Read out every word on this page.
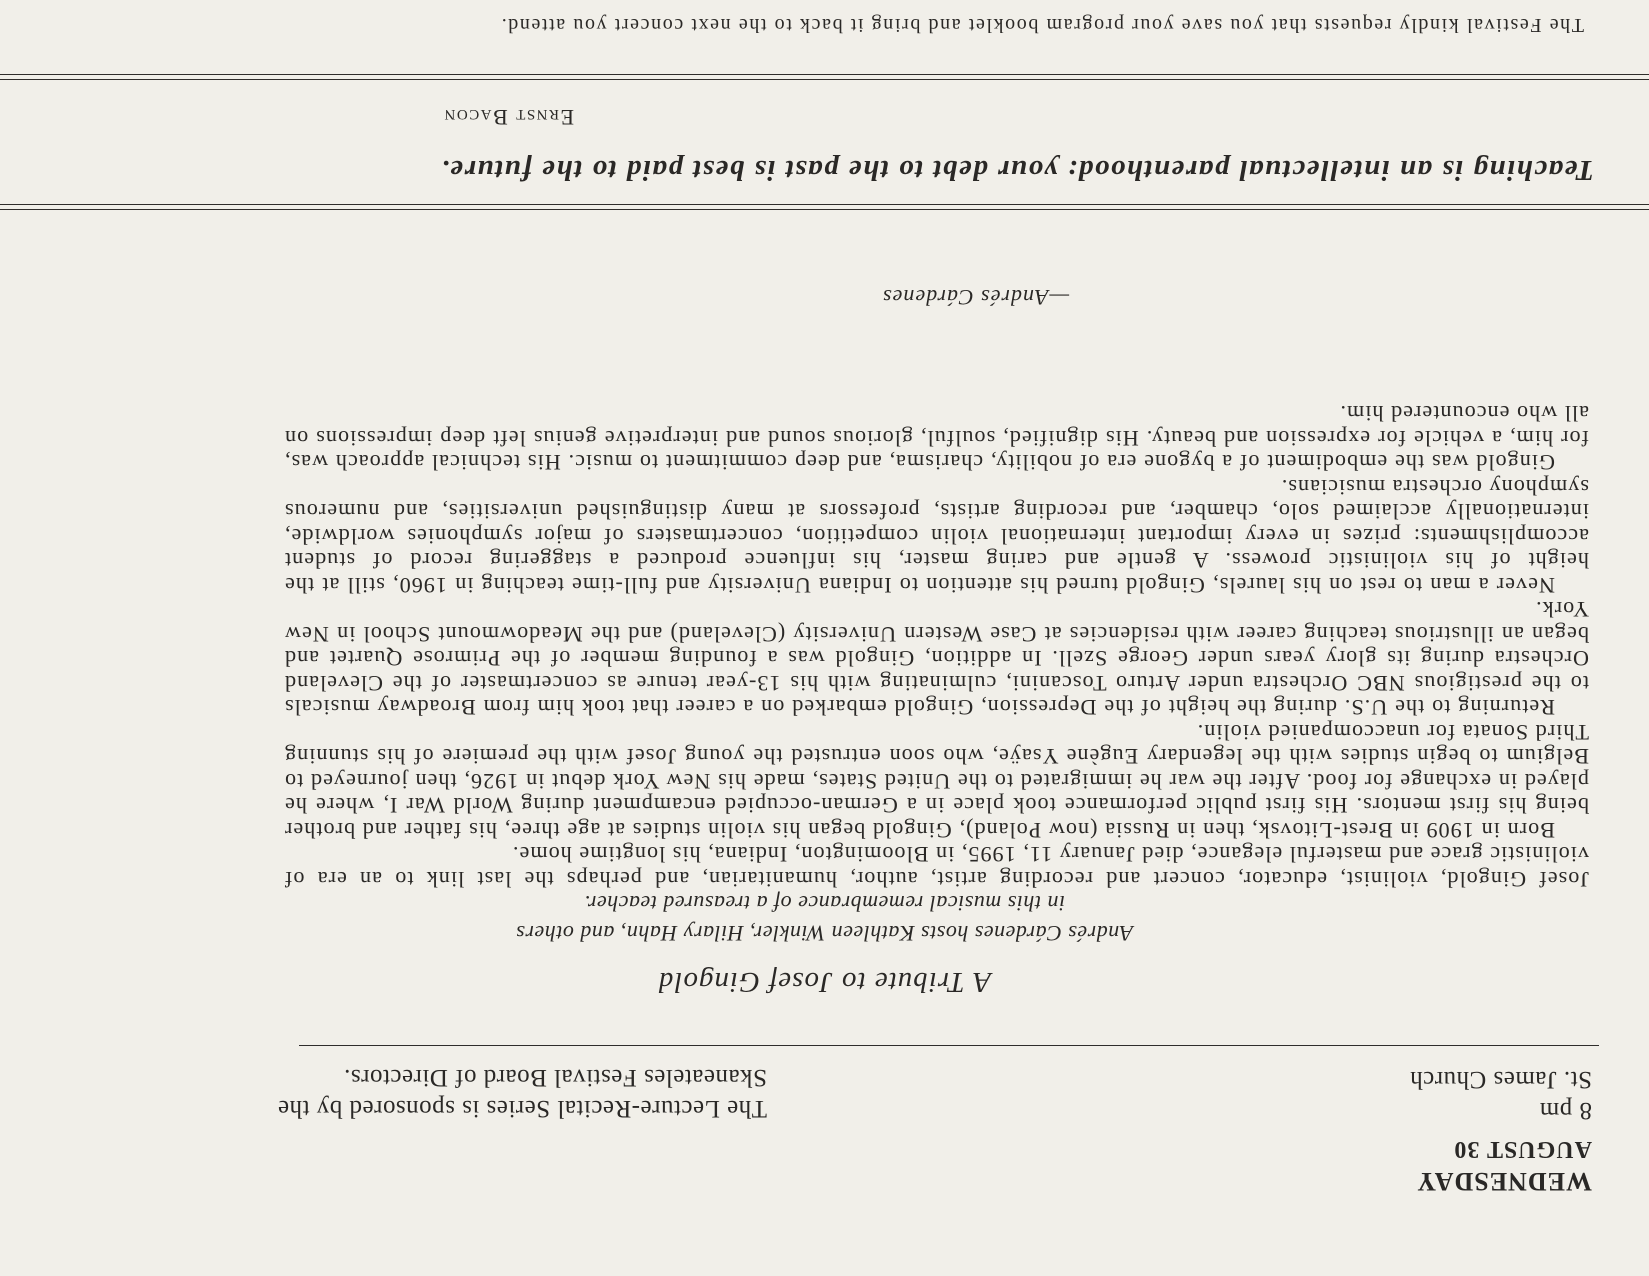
WEDNESDAY
AUGUST 30
8 pm
St. James Church
The Lecture-Recital Series is sponsored by the
Skaneateles Festival Board of Directors.
A Tribute to Josef Gingold
Andrés Cárdenes hosts Kathleen Winkler, Hilary Hahn, and others
in this musical remembrance of a treasured teacher.

Josef Gingold, violinist, educator, concert and recording artist, author, humanitarian, and perhaps the last link to an era of violinistic grace and masterful elegance, died January 11, 1995, in Bloomington, Indiana, his longtime home.

Born in 1909 in Brest-Litovsk, then in Russia (now Poland), Gingold began his violin studies at age three, his father and brother being his first mentors. His first public performance took place in a German-occupied encampment during World War I, where he played in exchange for food. After the war he immigrated to the United States, made his New York debut in 1926, then journeyed to Belgium to begin studies with the legendary Eugène Ysaÿe, who soon entrusted the young Josef with the premiere of his stunning Third Sonata for unaccompanied violin.

Returning to the U.S. during the height of the Depression, Gingold embarked on a career that took him from Broadway musicals to the prestigious NBC Orchestra under Arturo Toscanini, culminating with his 13-year tenure as concertmaster of the Cleveland Orchestra during its glory years under George Szell. In addition, Gingold was a founding member of the Primrose Quartet and began an illustrious teaching career with residencies at Case Western University (Cleveland) and the Meadowmount School in New York.

Never a man to rest on his laurels, Gingold turned his attention to Indiana University and full-time teaching in 1960, still at the height of his violinistic prowess. A gentle and caring master, his influence produced a staggering record of student accomplishments: prizes in every important international violin competition, concertmasters of major symphonies worldwide, internationally acclaimed solo, chamber, and recording artists, professors at many distinguished universities, and numerous symphony orchestra musicians.

Gingold was the embodiment of a bygone era of nobility, charisma, and deep commitment to music. His technical approach was, for him, a vehicle for expression and beauty. His dignified, soulful, glorious sound and interpretive genius left deep impressions on all who encountered him.

—Andrés Cárdenes
Teaching is an intellectual parenthood: your debt to the past is best paid to the future.
Ernst Bacon
The Festival kindly requests that you save your program booklet and bring it back to the next concert you attend.
